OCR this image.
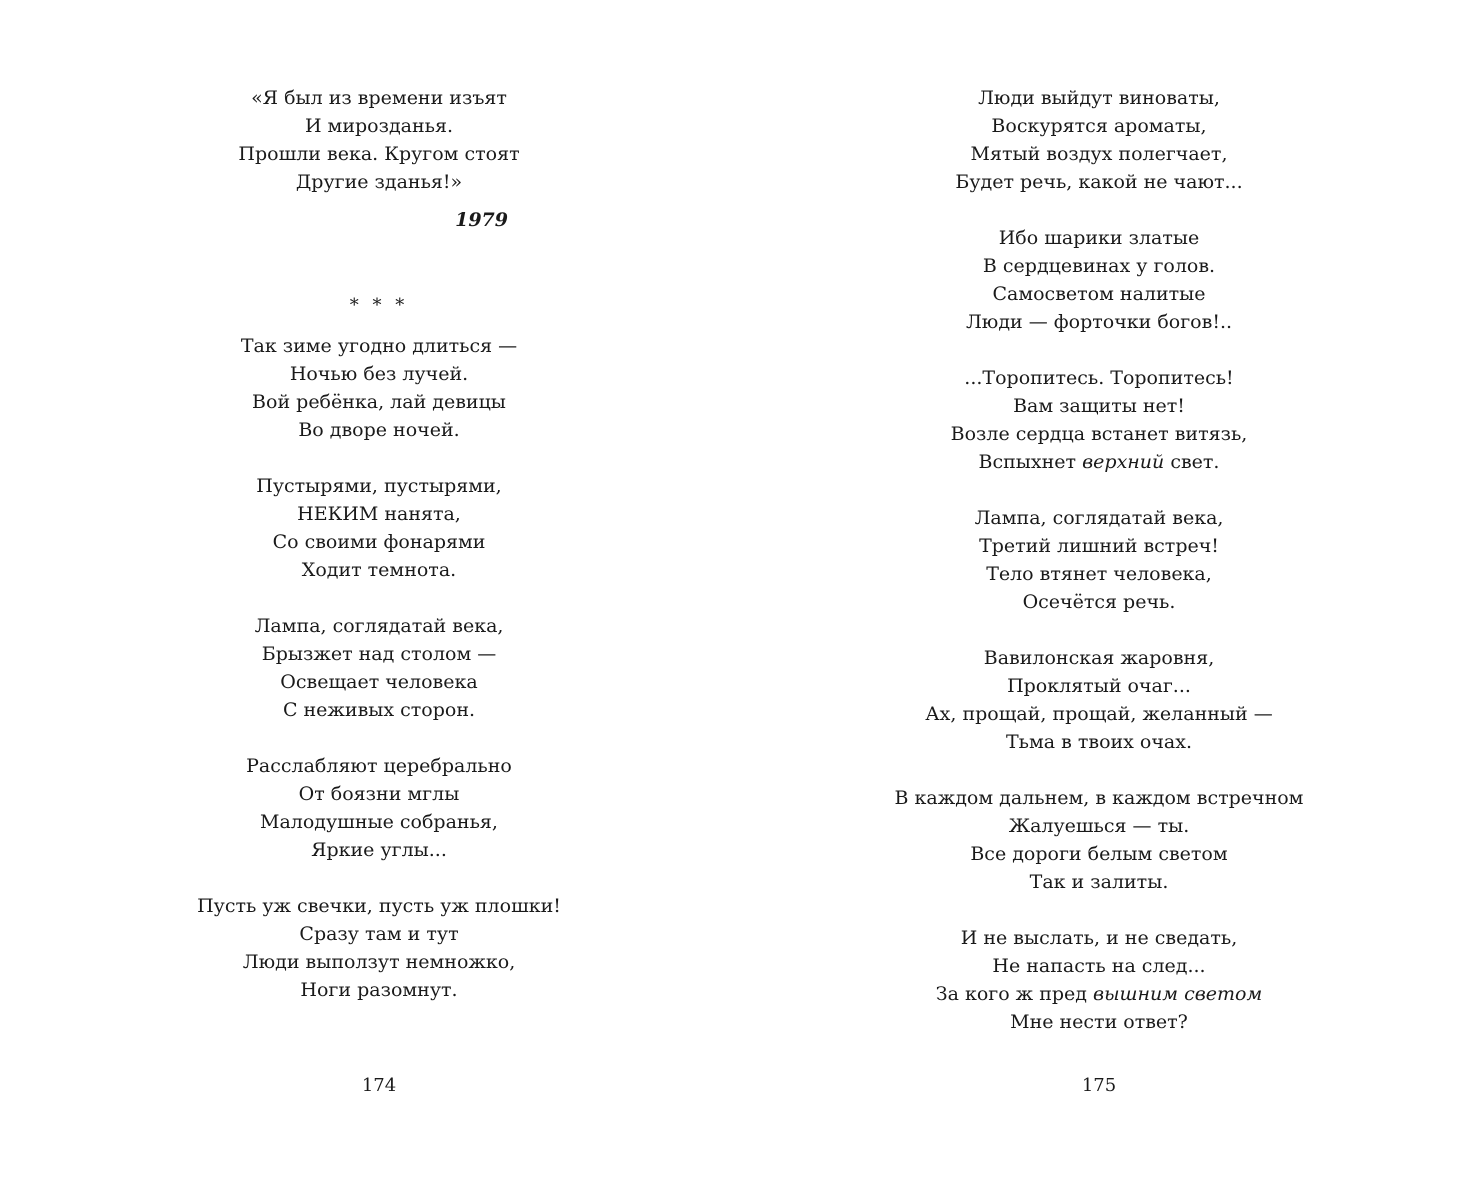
«Я был из времени изъят
И мирозданья.
Прошли века. Кругом стоят
Другие зданья!»
1979
* * *
Так зиме угодно длиться —
Ночью без лучей.
Вой ребёнка, лай девицы
Во дворе ночей.
Пустырями, пустырями,
НЕКИМ нанята,
Со своими фонарями
Ходит темнота.
Лампа, соглядатай века,
Брызжет над столом —
Освещает человека
С неживых сторон.
Расслабляют церебрально
От боязни мглы
Малодушные собранья,
Яркие углы...
Пусть уж свечки, пусть уж плошки!
Сразу там и тут
Люди выползут немножко,
Ноги разомнут.
174
Люди выйдут виноваты,
Воскурятся ароматы,
Мятый воздух полегчает,
Будет речь, какой не чают...
Ибо шарики златые
В сердцевинах у голов.
Самосветом налитые
Люди — форточки богов!..
...Торопитесь. Торопитесь!
Вам защиты нет!
Возле сердца встанет витязь,
Вспыхнет верхний свет.
Лампа, соглядатай века,
Третий лишний встреч!
Тело втянет человека,
Осечётся речь.
Вавилонская жаровня,
Проклятый очаг...
Ах, прощай, прощай, желанный —
Тьма в твоих очах.
В каждом дальнем, в каждом встречном
Жалуешься — ты.
Все дороги белым светом
Так и залиты.
И не выслать, и не сведать,
Не напасть на след...
За кого ж пред вышним светом
Мне нести ответ?
175
